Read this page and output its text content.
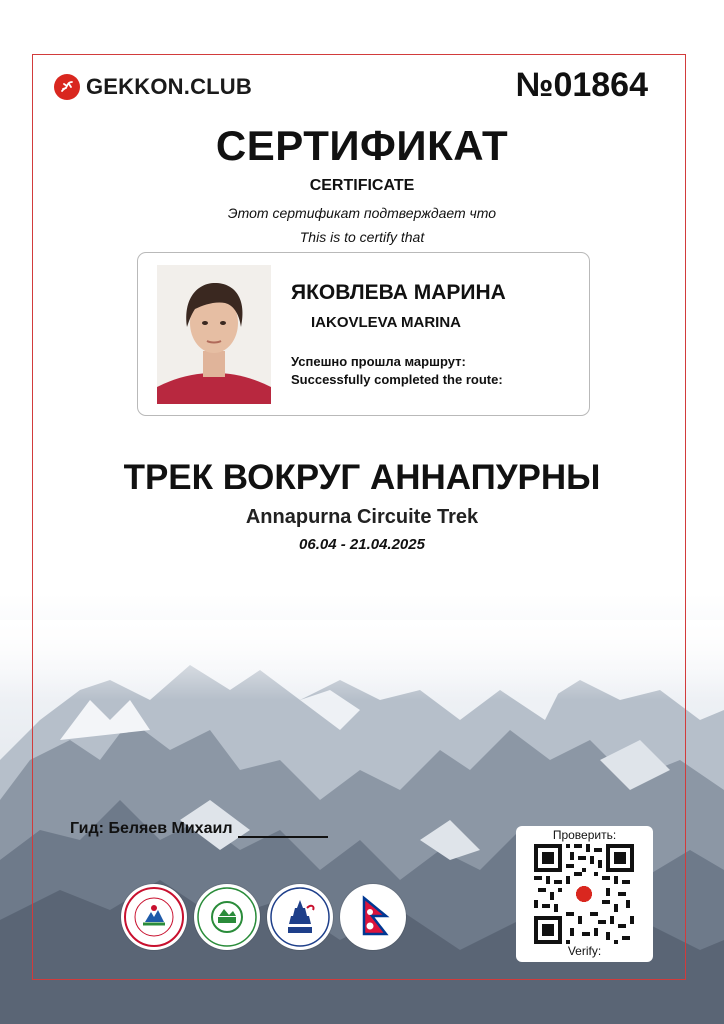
GEKKON.CLUB	№01864
СЕРТИФИКАТ
CERTIFICATE
Этот сертификат подтверждает что
This is to certify that
ЯКОВЛЕВА МАРИНА
IAKOVLEVA MARINA
Успешно прошла маршрут:
Successfully completed the route:
ТРЕК ВОКРУГ АННАПУРНЫ
Annapurna Circuite Trek
06.04 - 21.04.2025
Гид: Беляев Михаил	Проверить:
Verify:
